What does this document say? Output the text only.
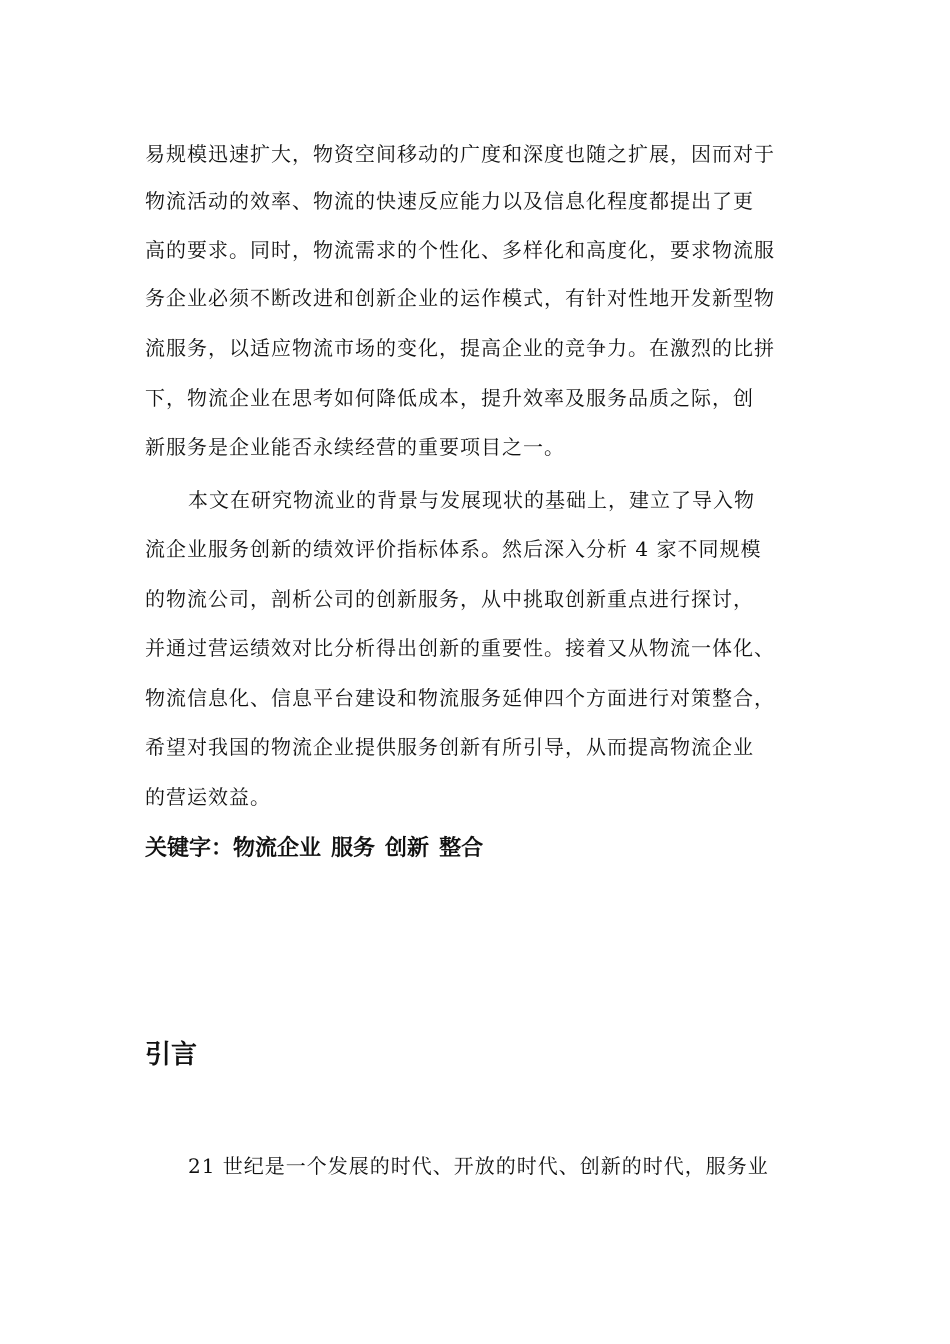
易规模迅速扩大，物资空间移动的广度和深度也随之扩展，因而对于
物流活动的效率、物流的快速反应能力以及信息化程度都提出了更
高的要求。同时，物流需求的个性化、多样化和高度化，要求物流服
务企业必须不断改进和创新企业的运作模式，有针对性地开发新型物
流服务，以适应物流市场的变化，提高企业的竞争力。在激烈的比拼
下，物流企业在思考如何降低成本，提升效率及服务品质之际，创
新服务是企业能否永续经营的重要项目之一。
本文在研究物流业的背景与发展现状的基础上，建立了导入物
流企业服务创新的绩效评价指标体系。然后深入分析 4 家不同规模
的物流公司，剖析公司的创新服务，从中挑取创新重点进行探讨，
并通过营运绩效对比分析得出创新的重要性。接着又从物流一体化、
物流信息化、信息平台建设和物流服务延伸四个方面进行对策整合，
希望对我国的物流企业提供服务创新有所引导，从而提高物流企业
的营运效益。
关键字：物流企业 服务 创新 整合
引言
21 世纪是一个发展的时代、开放的时代、创新的时代，服务业
